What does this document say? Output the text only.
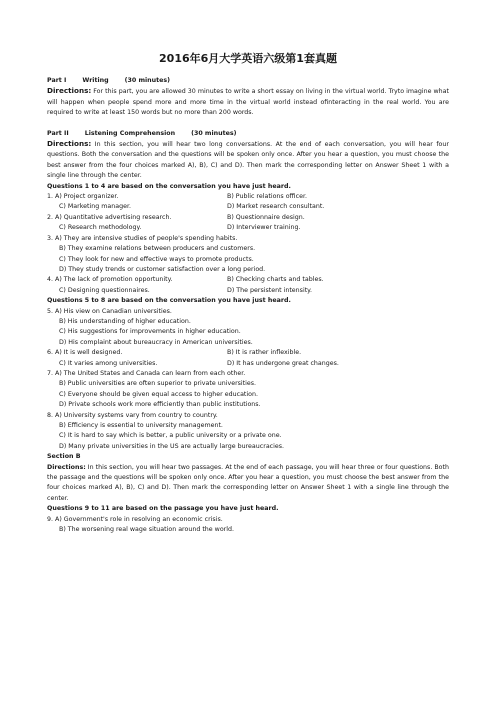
2016年6月大学英语六级第1套真题
Part I	Writing	(30 minutes)
Directions: For this part, you are allowed 30 minutes to write a short essay on living in the virtual world. Tryto imagine what will happen when people spend more and more time in the virtual world instead ofinteracting in the real world. You are required to write at least 150 words but no more than 200 words.
Part II	Listening Comprehension	(30 minutes)
Directions: In this section, you will hear two long conversations. At the end of each conversation, you will hear four questions. Both the conversation and the questions will be spoken only once. After you hear a question, you must choose the best answer from the four choices marked A), B), C) and D). Then mark the corresponding letter on Answer Sheet 1 with a single line through the center.
Questions 1 to 4 are based on the conversation you have just heard.
1. A) Project organizer.	B) Public relations officer.
C) Marketing manager.	D) Market research consultant.
2. A) Quantitative advertising research.	B) Questionnaire design.
C) Research methodology.	D) Interviewer training.
3. A) They are intensive studies of people's spending habits.
B) They examine relations between producers and customers.
C) They look for new and effective ways to promote products.
D) They study trends or customer satisfaction over a long period.
4. A) The lack of promotion opportunity.	B) Checking charts and tables.
C) Designing questionnaires.	D) The persistent intensity.
Questions 5 to 8 are based on the conversation you have just heard.
5. A) His view on Canadian universities.
B) His understanding of higher education.
C) His suggestions for improvements in higher education.
D) His complaint about bureaucracy in American universities.
6. A) It is well designed.	B) It is rather inflexible.
C) It varies among universities.	D) It has undergone great changes.
7. A) The United States and Canada can learn from each other.
B) Public universities are often superior to private universities.
C) Everyone should be given equal access to higher education.
D) Private schools work more efficiently than public institutions.
8. A) University systems vary from country to country.
B) Efficiency is essential to university management.
C) It is hard to say which is better, a public university or a private one.
D) Many private universities in the US are actually large bureaucracies.
Section B
Directions: In this section, you will hear two passages. At the end of each passage, you will hear three or four questions. Both the passage and the questions will be spoken only once. After you hear a question, you must choose the best answer from the four choices marked A), B), C) and D). Then mark the corresponding letter on Answer Sheet 1 with a single line through the center.
Questions 9 to 11 are based on the passage you have just heard.
9. A) Government's role in resolving an economic crisis.
B) The worsening real wage situation around the world.
